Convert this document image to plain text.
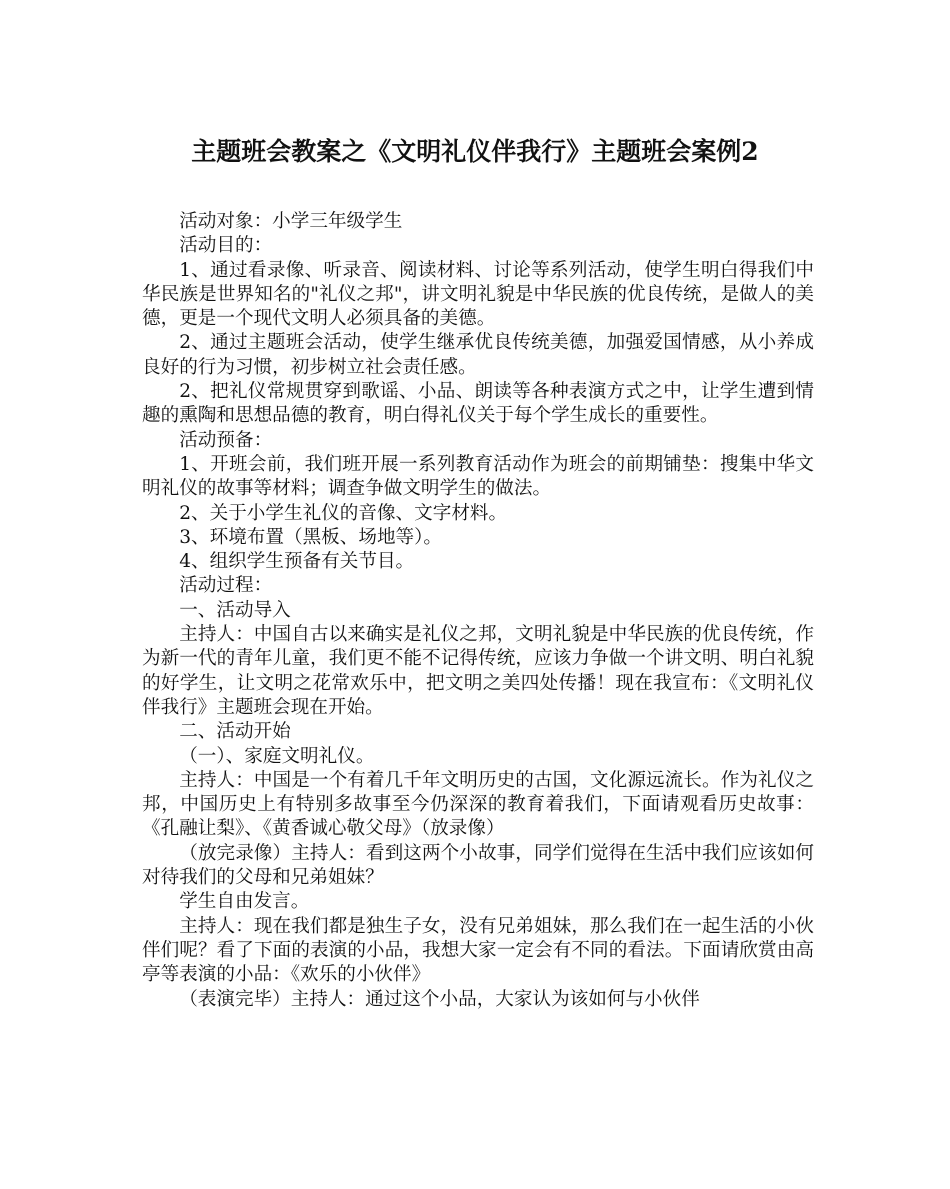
主题班会教案之《文明礼仪伴我行》主题班会案例2

活动对象：小学三年级学生

活动目的：

1、通过看录像、听录音、阅读材料、讨论等系列活动，使学生明白得我们中华民族是世界知名的"礼仪之邦"，讲文明礼貌是中华民族的优良传统，是做人的美德，更是一个现代文明人必须具备的美德。

2、通过主题班会活动，使学生继承优良传统美德，加强爱国情感，从小养成良好的行为习惯，初步树立社会责任感。

2、把礼仪常规贯穿到歌谣、小品、朗读等各种表演方式之中，让学生遭到情趣的熏陶和思想品德的教育，明白得礼仪关于每个学生成长的重要性。

活动预备：

1、开班会前，我们班开展一系列教育活动作为班会的前期铺垫：搜集中华文明礼仪的故事等材料；调查争做文明学生的做法。

2、关于小学生礼仪的音像、文字材料。

3、环境布置（黑板、场地等）。

4、组织学生预备有关节目。

活动过程：

一、活动导入

主持人：中国自古以来确实是礼仪之邦，文明礼貌是中华民族的优良传统，作为新一代的青年儿童，我们更不能不记得传统，应该力争做一个讲文明、明白礼貌的好学生，让文明之花常欢乐中，把文明之美四处传播！现在我宣布：《文明礼仪伴我行》主题班会现在开始。

二、活动开始

（一）、家庭文明礼仪。

主持人：中国是一个有着几千年文明历史的古国，文化源远流长。作为礼仪之邦，中国历史上有特别多故事至今仍深深的教育着我们，下面请观看历史故事：《孔融让梨》、《黄香诚心敬父母》（放录像）

（放完录像）主持人：看到这两个小故事，同学们觉得在生活中我们应该如何对待我们的父母和兄弟姐妹？

学生自由发言。

主持人：现在我们都是独生子女，没有兄弟姐妹，那么我们在一起生活的小伙伴们呢？看了下面的表演的小品，我想大家一定会有不同的看法。下面请欣赏由高亭等表演的小品：《欢乐的小伙伴》

（表演完毕）主持人：通过这个小品，大家认为该如何与小伙伴
